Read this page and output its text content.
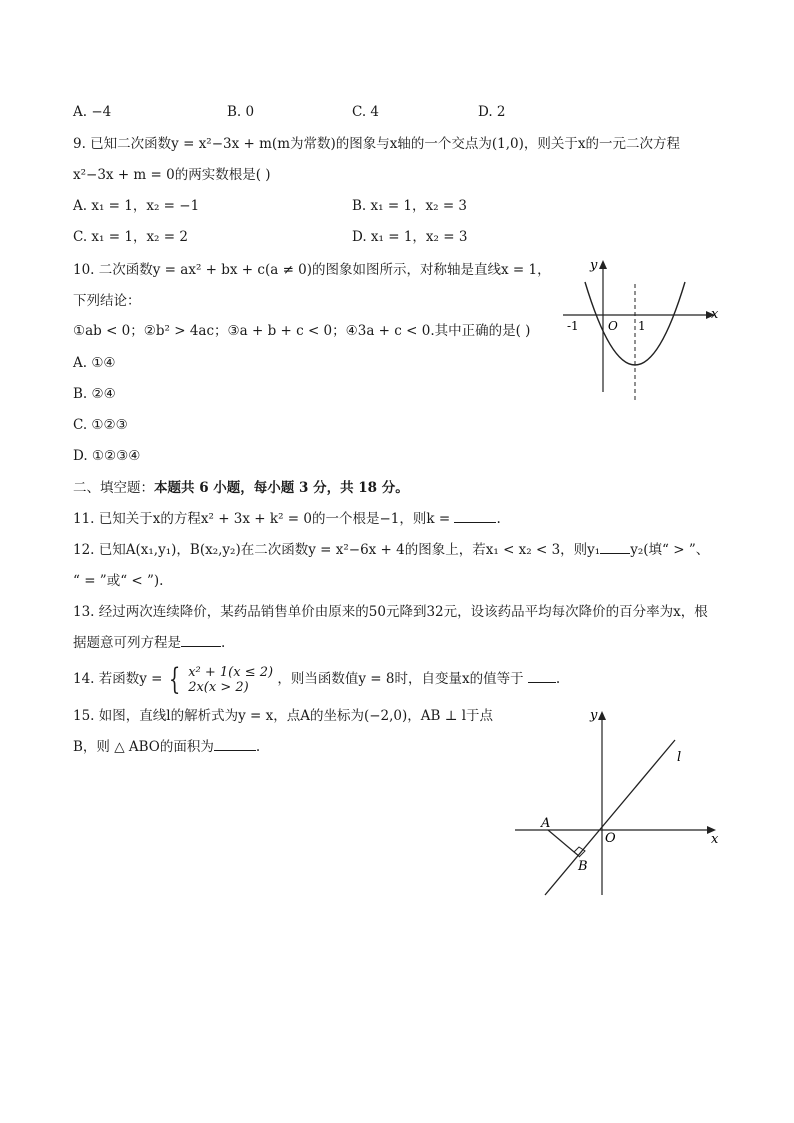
A. −4	B. 0	C. 4	D. 2
9. 已知二次函数y = x²−3x + m(m为常数)的图象与x轴的一个交点为(1,0)，则关于x的一元二次方程
x²−3x + m = 0的两实数根是( )
A. x₁ = 1，x₂ = −1	B. x₁ = 1，x₂ = 3
C. x₁ = 1，x₂ = 2	D. x₁ = 1，x₂ = 3
10. 二次函数y = ax² + bx + c(a ≠ 0)的图象如图所示，对称轴是直线x = 1，
下列结论：
①ab < 0；②b² > 4ac；③a + b + c < 0；④3a + c < 0.其中正确的是( )
A. ①④
B. ②④
C. ①②③
D. ①②③④
y
x
-1 O 1
二、填空题：本题共 6 小题，每小题 3 分，共 18 分。
11. 已知关于x的方程x² + 3x + k² = 0的一个根是−1，则k =	.
12. 已知A(x₁,y₁)，B(x₂,y₂)在二次函数y = x²−6x + 4的图象上，若x₁ < x₂ < 3，则y₁ y₂(填“ > ”、
“ = ”或“ < ”).
13. 经过两次连续降价，某药品销售单价由原来的50元降到32元，设该药品平均每次降价的百分率为x，根
据题意可列方程是	.
14. 若函数y = { x² + 1(x ≤ 2)
2x(x > 2)	，则当函数值y = 8时，自变量x的值等于 .
15. 如图，直线l的解析式为y = x，点A的坐标为(−2,0)，AB ⊥ l于点
B，则 △ ABO的面积为	.
y
x
l
A
B
O
